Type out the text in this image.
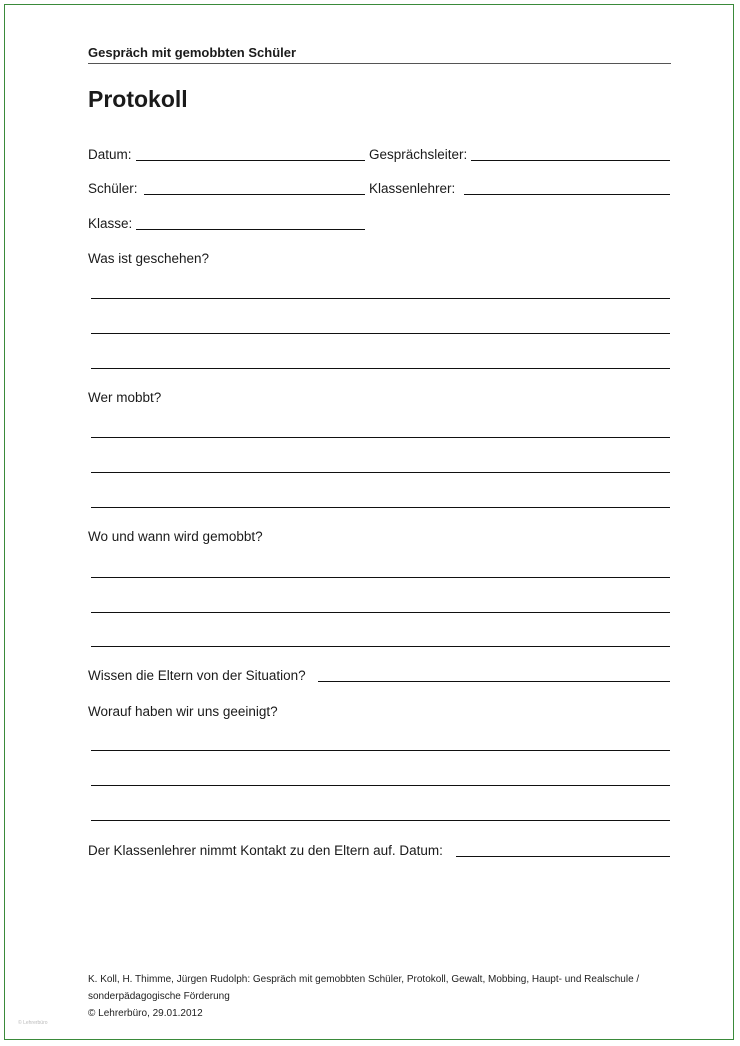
Gespräch mit gemobbten Schüler
Protokoll
Datum:	Gesprächsleiter:
Schüler:	Klassenlehrer:
Klasse:
Was ist geschehen?
Wer mobbt?
Wo und wann wird gemobbt?
Wissen die Eltern von der Situation?
Worauf haben wir uns geeinigt?
Der Klassenlehrer nimmt Kontakt zu den Eltern auf. Datum:
K. Koll, H. Thimme, Jürgen Rudolph: Gespräch mit gemobbten Schüler, Protokoll, Gewalt, Mobbing, Haupt- und Realschule /
sonderpädagogische Förderung
© Lehrerbüro, 29.01.2012
© Lehrerbüro
